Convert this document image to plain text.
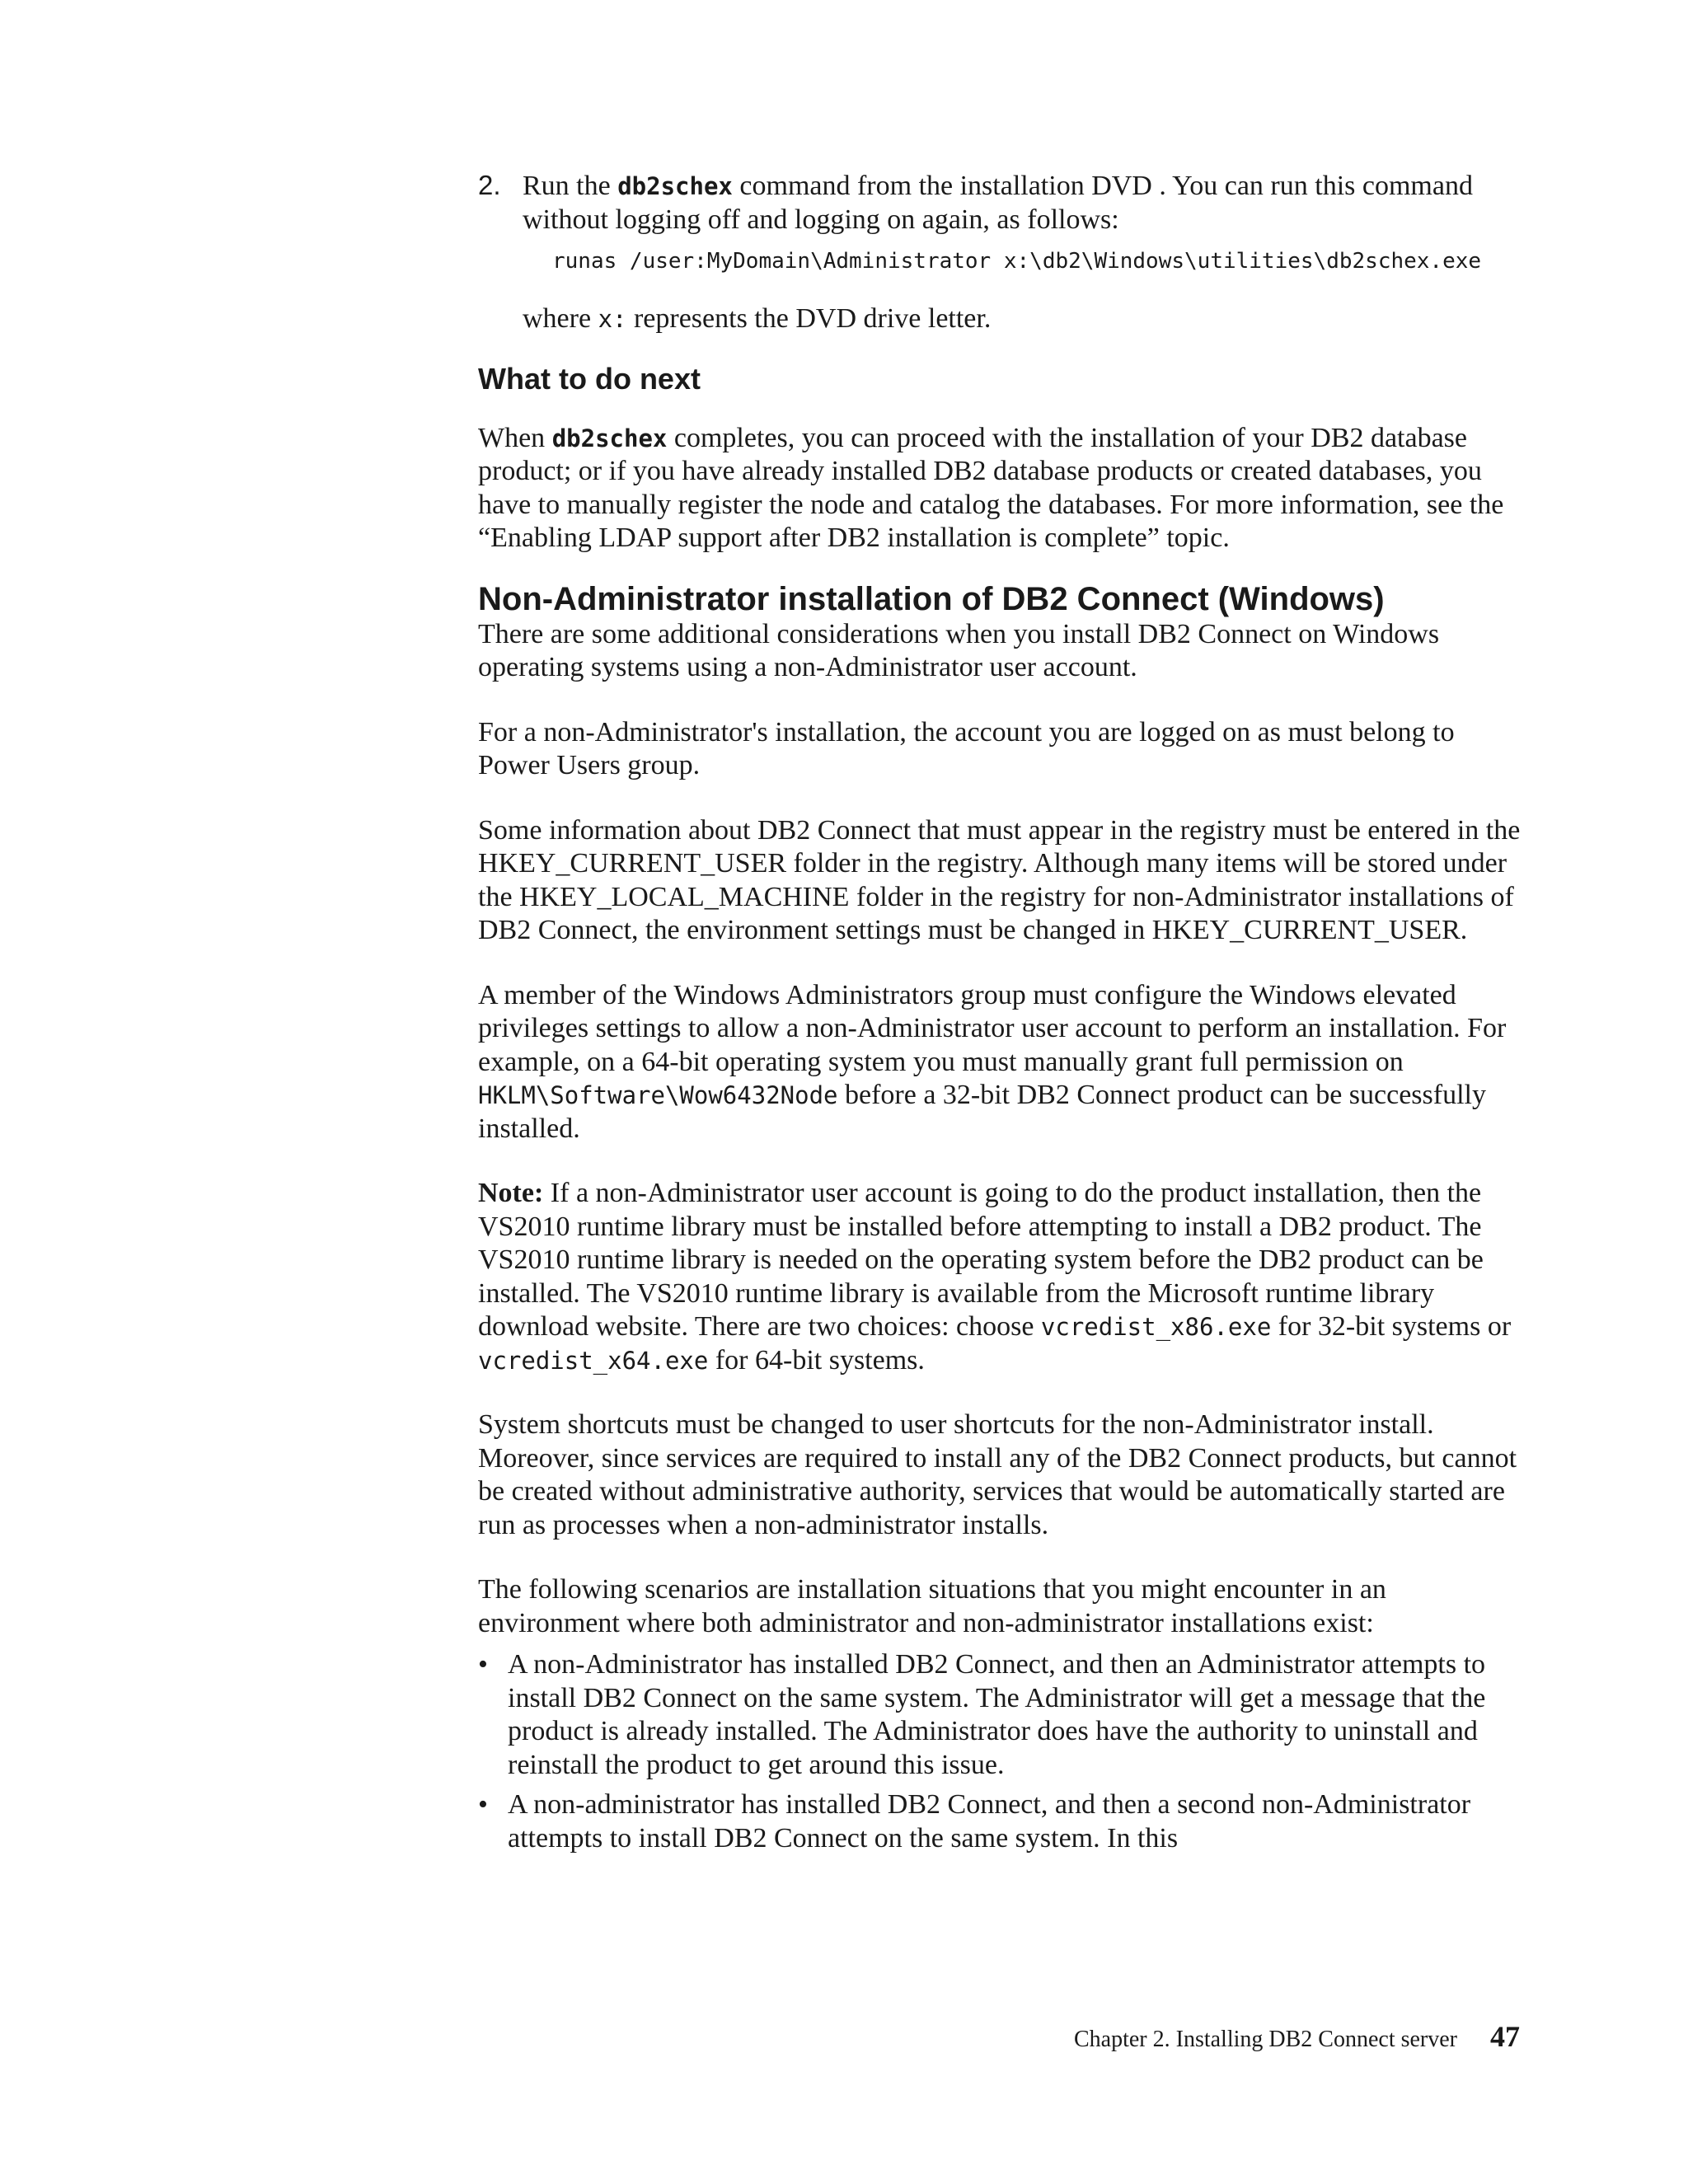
2. Run the db2schex command from the installation DVD . You can run this command without logging off and logging on again, as follows:

runas /user:MyDomain\Administrator x:\db2\Windows\utilities\db2schex.exe

where x: represents the DVD drive letter.

What to do next

When db2schex completes, you can proceed with the installation of your DB2 database product; or if you have already installed DB2 database products or created databases, you have to manually register the node and catalog the databases. For more information, see the “Enabling LDAP support after DB2 installation is complete” topic.

Non-Administrator installation of DB2 Connect (Windows)

There are some additional considerations when you install DB2 Connect on Windows operating systems using a non-Administrator user account.

For a non-Administrator's installation, the account you are logged on as must belong to Power Users group.

Some information about DB2 Connect that must appear in the registry must be entered in the HKEY_CURRENT_USER folder in the registry. Although many items will be stored under the HKEY_LOCAL_MACHINE folder in the registry for non-Administrator installations of DB2 Connect, the environment settings must be changed in HKEY_CURRENT_USER.

A member of the Windows Administrators group must configure the Windows elevated privileges settings to allow a non-Administrator user account to perform an installation. For example, on a 64-bit operating system you must manually grant full permission on HKLM\Software\Wow6432Node before a 32-bit DB2 Connect product can be successfully installed.

Note: If a non-Administrator user account is going to do the product installation, then the VS2010 runtime library must be installed before attempting to install a DB2 product. The VS2010 runtime library is needed on the operating system before the DB2 product can be installed. The VS2010 runtime library is available from the Microsoft runtime library download website. There are two choices: choose vcredist_x86.exe for 32-bit systems or vcredist_x64.exe for 64-bit systems.

System shortcuts must be changed to user shortcuts for the non-Administrator install. Moreover, since services are required to install any of the DB2 Connect products, but cannot be created without administrative authority, services that would be automatically started are run as processes when a non-administrator installs.

The following scenarios are installation situations that you might encounter in an environment where both administrator and non-administrator installations exist:

• A non-Administrator has installed DB2 Connect, and then an Administrator attempts to install DB2 Connect on the same system. The Administrator will get a message that the product is already installed. The Administrator does have the authority to uninstall and reinstall the product to get around this issue.

• A non-administrator has installed DB2 Connect, and then a second non-Administrator attempts to install DB2 Connect on the same system. In this

Chapter 2. Installing DB2 Connect server 47
